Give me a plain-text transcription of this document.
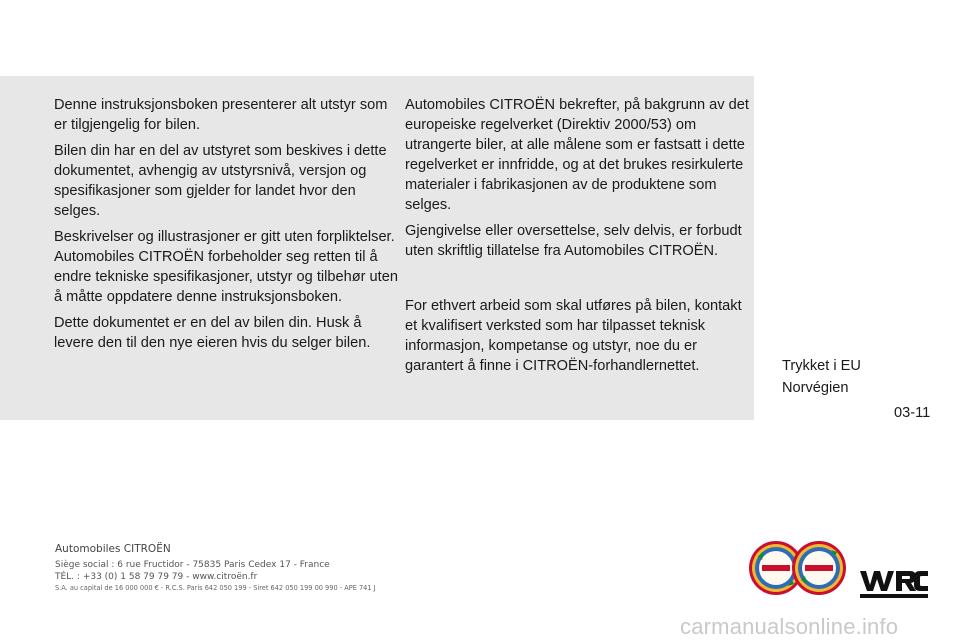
Denne instruksjonsboken presenterer alt utstyr som er tilgjengelig for bilen.

Bilen din har en del av utstyret som beskives i dette dokumentet, avhengig av utstyrsnivå, versjon og spesifikasjoner som gjelder for landet hvor den selges.

Beskrivelser og illustrasjoner er gitt uten forpliktelser. Automobiles CITROËN forbeholder seg retten til å endre tekniske spesifikasjoner, utstyr og tilbehør uten å måtte oppdatere denne instruksjonsboken.

Dette dokumentet er en del av bilen din. Husk å levere den til den nye eieren hvis du selger bilen.

Automobiles CITROËN bekrefter, på bakgrunn av det europeiske regelverket (Direktiv 2000/53) om utrangerte biler, at alle målene som er fastsatt i dette regelverket er innfridde, og at det brukes resirkulerte materialer i fabrikasjonen av de produktene som selges.

Gjengivelse eller oversettelse, selv delvis, er forbudt uten skriftlig tillatelse fra Automobiles CITROËN.

For ethvert arbeid som skal utføres på bilen, kontakt et kvalifisert verksted som har tilpasset teknisk informasjon, kompetanse og utstyr, noe du er garantert å finne i CITROËN-forhandlernettet.	Trykket i EU
Norvégien
03-11
Automobiles CITROËN
Siège social : 6 rue Fructidor - 75835 Paris Cedex 17 - France
TÉL. : +33 (0) 1 58 79 79 79 - www.citroën.fr
S.A. au capital de 16 000 000 € - R.C.S. Paris 642 050 199 - Siret 642 050 199 00 990 - APE 741 J
carmanualsonline.info
